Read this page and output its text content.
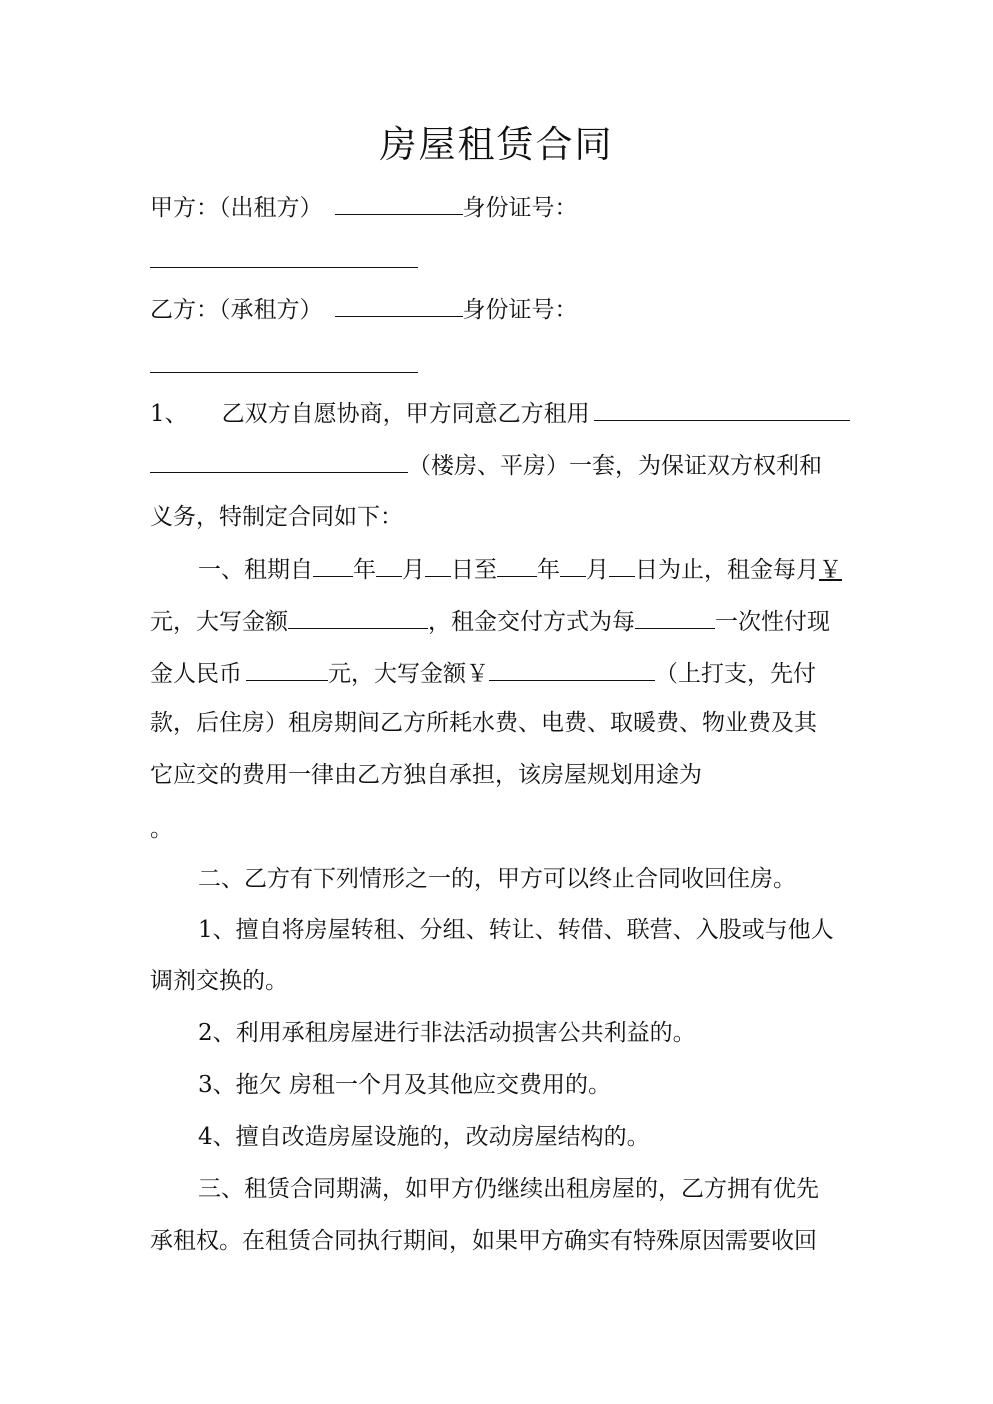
房屋租赁合同
甲方：（出租方）	身份证号：
乙方：（承租方）	身份证号：
1、 乙双方自愿协商，甲方同意乙方租用
（楼房、平房）一套，为保证双方权利和
义务，特制定合同如下：
一、租期自 年 月 日至 年 月 日为止，租金每月￥
元，大写金额	，租金交付方式为每	一次性付现
金人民币	元，大写金额￥	（上打支，先付
款，后住房）租房期间乙方所耗水费、电费、取暖费、物业费及其
它应交的费用一律由乙方独自承担，该房屋规划用途为
。
二、乙方有下列情形之一的，甲方可以终止合同收回住房。
1、擅自将房屋转租、分组、转让、转借、联营、入股或与他人
调剂交换的。
2、利用承租房屋进行非法活动损害公共利益的。
3、拖欠 房租一个月及其他应交费用的。
4、擅自改造房屋设施的，改动房屋结构的。
三、租赁合同期满，如甲方仍继续出租房屋的，乙方拥有优先
承租权。在租赁合同执行期间，如果甲方确实有特殊原因需要收回
